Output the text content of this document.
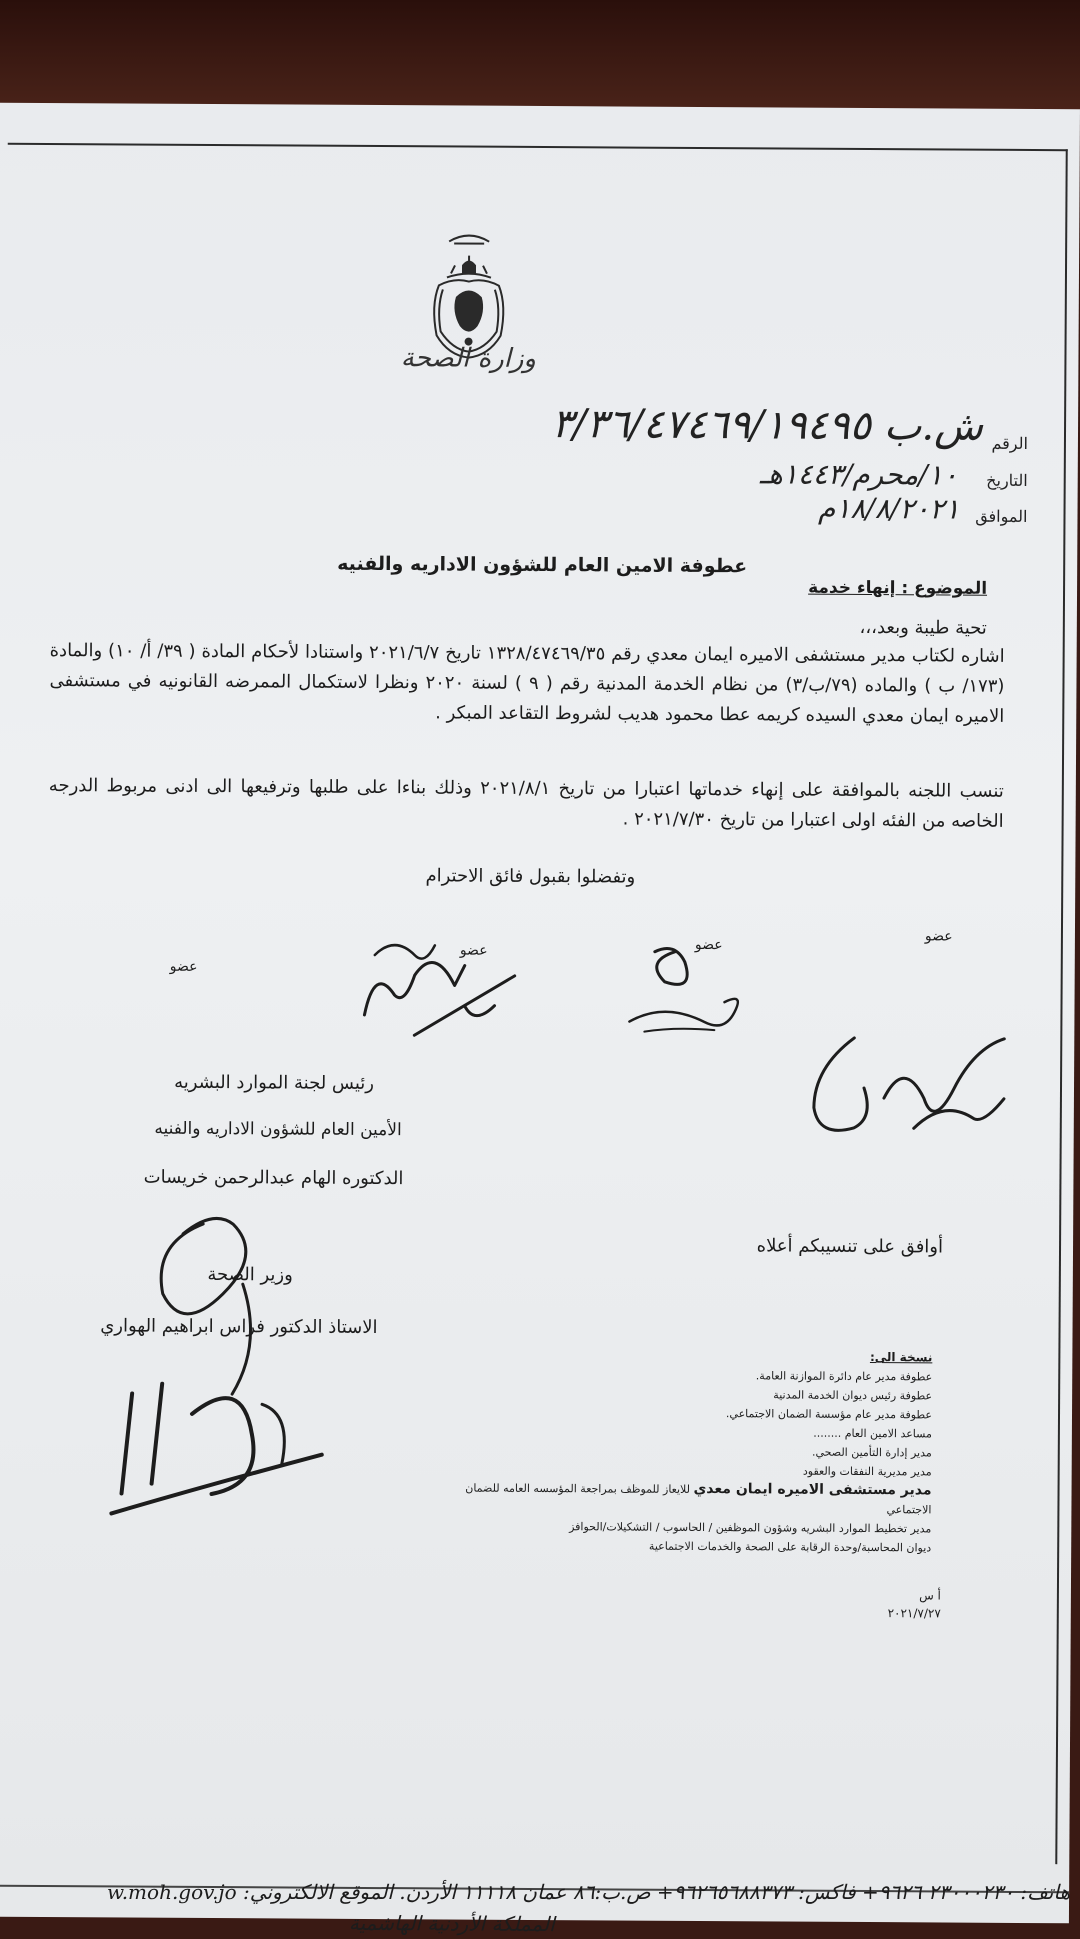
وزارة الصحة
الرقم
ش.ب ٣/٣٦/٤٧٤٦٩/١٩٤٩٥
التاريخ
١٠/محرم/١٤٤٣هـ
الموافق
١٨/٨/٢٠٢١م
عطوفة الامين العام للشؤون الاداريه والفنيه
الموضوع : إنهاء خدمة
تحية طيبة وبعد،،،
اشاره لكتاب مدير مستشفى الاميره ايمان معدي رقم ١٣٢٨/٤٧٤٦٩/٣٥ تاريخ ٢٠٢١/٦/٧ واستنادا لأحكام المادة ( ٣٩/ أ/ ١٠) والمادة (١٧٣/ ب ) والماده (٧٩/ب/٣) من نظام الخدمة المدنية رقم ( ٩ ) لسنة ٢٠٢٠ ونظرا لاستكمال الممرضه القانونيه في مستشفى الاميره ايمان معدي السيده كريمه عطا محمود هديب لشروط التقاعد المبكر .
تنسب اللجنه بالموافقة على إنهاء خدماتها اعتبارا من تاريخ ٢٠٢١/٨/١ وذلك بناءا على طلبها وترفيعها الى ادنى مربوط الدرجه الخاصه من الفئه اولى اعتبارا من تاريخ ٢٠٢١/٧/٣٠ .
وتفضلوا بقبول فائق الاحترام
عضو
عضو	عضو
عضو
رئيس لجنة الموارد البشريه
الأمين العام للشؤون الاداريه والفنيه
الدكتوره الهام عبدالرحمن خريسات
أوافق على تنسيبكم أعلاه
وزير الصحة
الاستاذ الدكتور فراس ابراهيم الهواري
نسخة الى:
عطوفة مدير عام دائرة الموازنة العامة.
عطوفة رئيس ديوان الخدمة المدنية
عطوفة مدير عام مؤسسة الضمان الاجتماعي.
مساعد الامين العام ........
مدير إدارة التأمين الصحي.
مدير مديرية النفقات والعقود
مدير مستشفى الاميره ايمان معدي للايعاز للموظف بمراجعة المؤسسه العامه للضمان الاجتماعي
مدير تخطيط الموارد البشريه وشؤون الموظفين / الحاسوب / التشكيلات/الحوافز
ديوان المحاسبة/وحدة الرقابة على الصحة والخدمات الاجتماعية
أ س
٢٠٢١/٧/٢٧
المملكة الأردنية الهاشمية
هاتف: ٢٣٠٠٠٢٣٠ ٩٦٢٦+ فاكس: ٩٦٢٦٥٦٨٨٣٧٣+ ص.ب:٨٦ عمان ١١١١٨ الأردن. الموقع الالكتروني: w.moh.gov.jo
